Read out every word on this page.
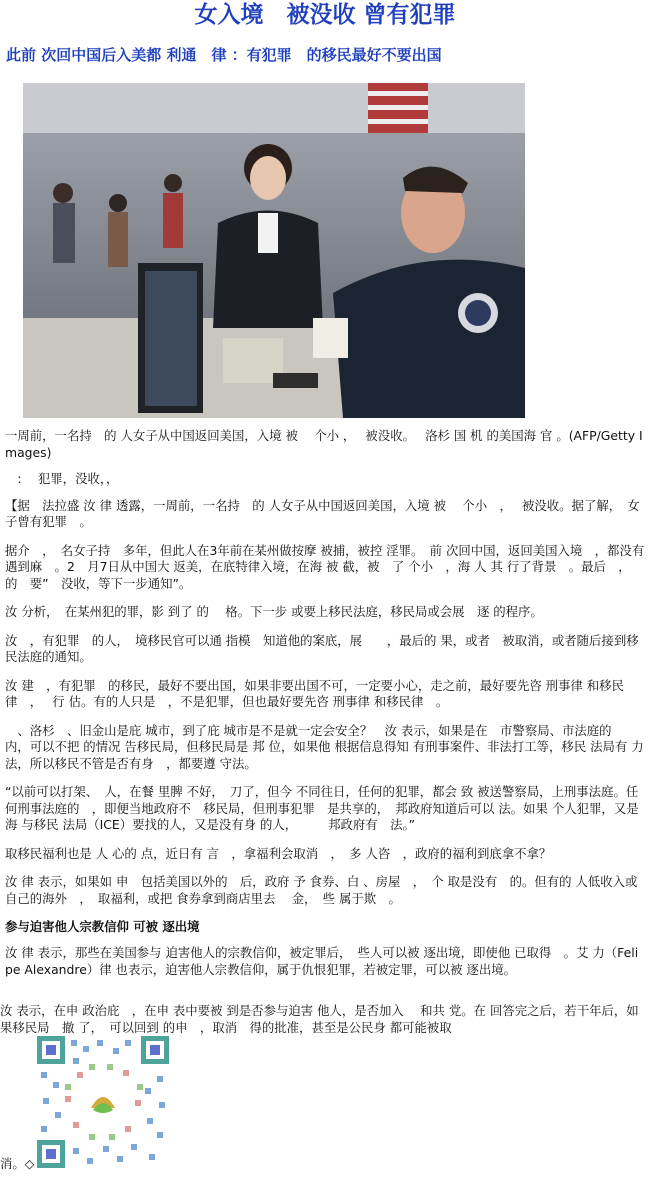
女入境　被没收 曾有犯罪
此前 次回中国后入美都 利通　律 ：有犯罪　的移民最好不要出国

一周前，一名持　的 人女子从中国返回美国，入境 被　 个小 ，　 被没收。　 洛杉 国 机 的美国海 官 。(AFP/Getty Images)

　:　 犯罪，没收，，

【据　法拉盛 汝 律 透露，一周前，一名持　的 人女子从中国返回美国，入境 被　 个小　，　 被没收。据了解，　女子曾有犯罪　。

据介　，　名女子持　多年，但此人在3年前在某州做按摩 被捕，被控 淫罪。　前 次回中国，返回美国入境　，都没有遇到麻　。2　月7日从中国大 返美，在底特律入境，在海 被 截，被　了 个小　，海 人 其 行了背景　。最后　，　的　要”　没收，等下一步通知”。

汝 分析，　在某州犯的罪，影 到了 的　 格。下一步 或要上移民法庭，移民局或会展　逐 的程序。

汝　，有犯罪　的人，　境移民官可以通 指模　知道他的案底，展　　，最后的 果，或者　被取消，或者随后接到移民法庭的通知。

汝 建　，有犯罪　的移民，最好不要出国，如果非要出国不可，一定要小心，走之前，最好要先咨 刑事律 和移民律　，　 行 估。有的人只是　，不是犯罪，但也最好要先咨 刑事律 和移民律　。

　、洛杉　、旧金山是庇 城市，到了庇 城市是不是就一定会安全？　汝 表示，如果是在　市警察局、市法庭的　内，可以不把 的情况 告移民局，但移民局是 邦 位，如果他 根据信息得知 有刑事案件、非法打工等，移民 法局有 力 法，所以移民不管是否有身　，都要遵 守法。

“以前可以打架、　人，在餐 里脾 不好，　刀了，但今 不同往日，任何的犯罪，都会 致 被送警察局，上刑事法庭。任何刑事法庭的　，即便当地政府不　移民局，但刑事犯罪　是共享的，　邦政府知道后可以 法。如果 个人犯罪，又是海 与移民 法局（ICE）要找的人，又是没有身 的人，　　　邦政府有　法。”

取移民福利也是 人 心的 点，近日有 言　，拿福利会取消　，　多 人咨　，政府的福利到底拿不拿？

汝 律 表示，如果如 申　包括美国以外的　后，政府 予 食券、白 、房屋　，　个 取是没有　的。但有的 人低收入或　自己的海外　，　取福利，或把 食券拿到商店里去　 金，　些 属于欺　。

参与迫害他人宗教信仰 可被 逐出境

汝 律 表示，那些在美国参与 迫害他人的宗教信仰，被定罪后，　些人可以被 逐出境，即使他 已取得　。艾 力（Felipe Alexandre）律 也表示，迫害他人宗教信仰，属于仇恨犯罪，若被定罪，可以被 逐出境。

汝 表示，在申 政治庇　，在申 表中要被 到是否参与迫害 他人，是否加入　 和共 党。在 回答完之后，若干年后，如果移民局　撤 了，　可以回到 的申　，取消　得的批准，甚至是公民身 都可能被取

消。◇
